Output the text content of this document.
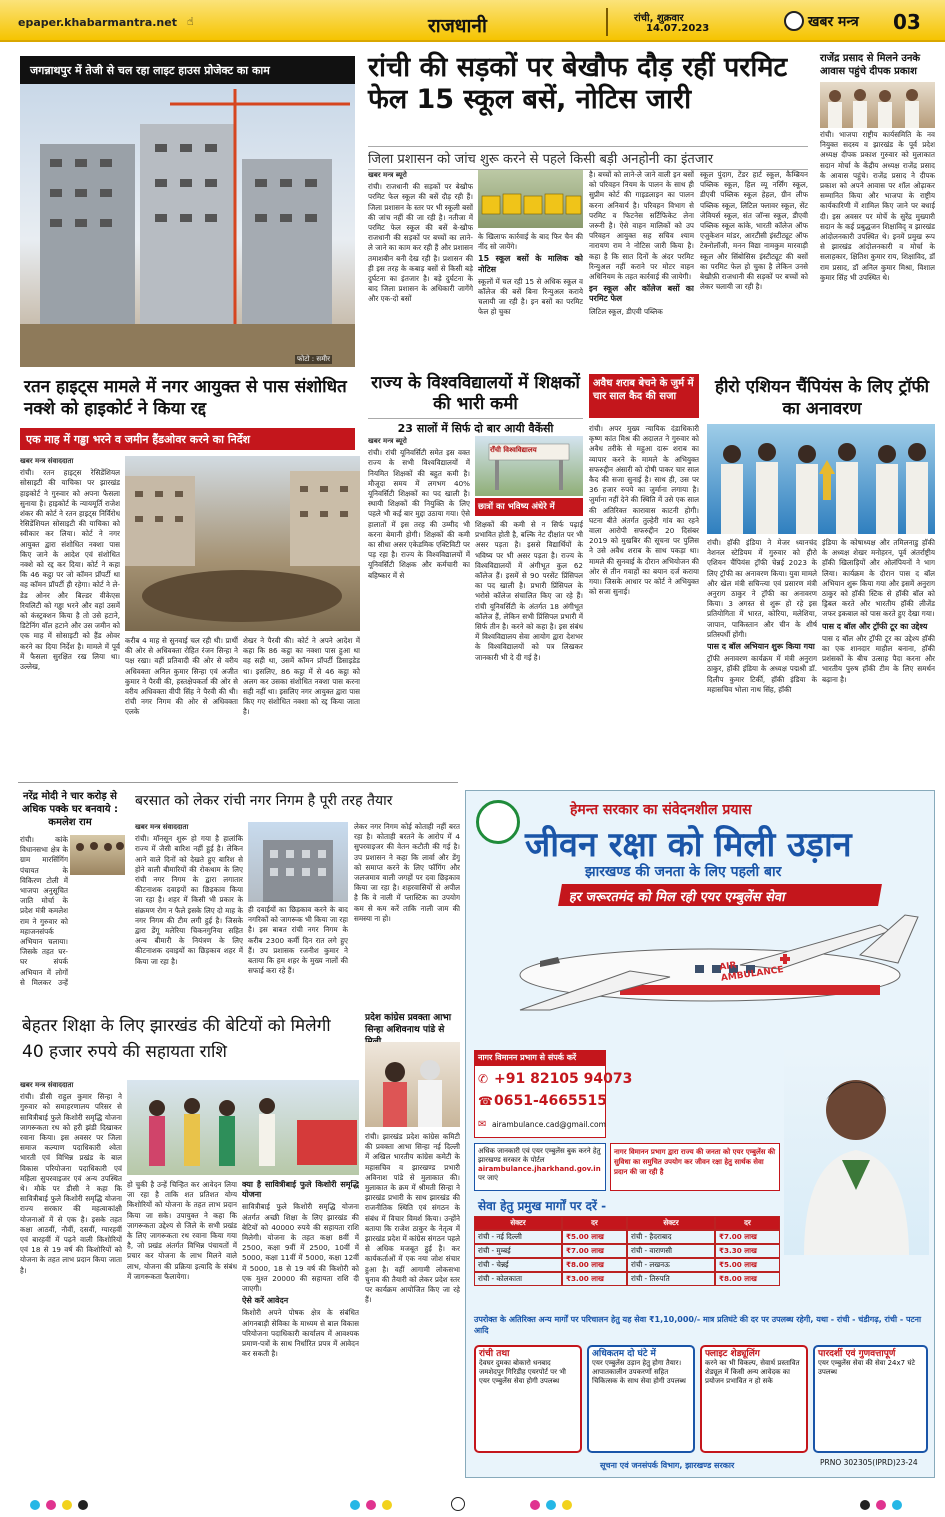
epaper.khabarmantra.net ☝	राजधानी	रांची, शुक्रवार
14.07.2023	खबर मन्त्र 03
जगन्नाथपुर में तेजी से चल रहा लाइट हाउस प्रोजेक्ट का काम
फोटो : समीर
रांची की सड़कों पर बेखौफ दौड़ रहीं परमिट फेल 15 स्कूल बसें, नोटिस जारी
जिला प्रशासन को जांच शुरू करने से पहले किसी बड़ी अनहोनी का इंतजार
खबर मन्त्र ब्यूरो
रांची। राजधानी की सड़कों पर बेखौफ परमिट फेल स्कूल की बसें दौड़ रही हैं। जिला प्रशासन के स्तर पर भी स्कूली बसों की जांच नहीं की जा रही है। नतीजा में परमिट फेल स्कूल की बसें बे-खौफ राजधानी की सड़कों पर बच्चों का लाने-ले जाने का काम कर रही हैं और प्रशासन तमाशबीन बनी देख रही है। प्रशासन की ही इस तरह के कबाड़ बसों से किसी बड़े दुर्घटना का इंतजार है। बड़े दुर्घटना के बाद जिला प्रशासन के अधिकारी जागेंगे और एक-दो बसों
के खिलाफ कार्रवाई के बाद फिर चैन की नींद सो जायेंगे।
15 स्कूल बसों के मालिक को नोटिस
स्कूलों में चल रही 15 से अधिक स्कूल व कॉलेज की बसें बिना रिन्युअल कराये चलायी जा रही है। इन बसों का परमिट फेल हो चुका
है। बच्चों को लाने-ले जाने वाली इन बसों को परिवहन नियम के पालन के साथ ही सुप्रीम कोर्ट की गाइडलाइन का पालन करना अनिवार्य है। परिवहन विभाग से परमिट व फिटनेस सर्टिफिकेट लेना जरूरी है। ऐसे वाहन मालिकों को उप परिवहन आयुक्त सह सचिव श्याम नारायण राम ने नोटिस जारी किया है। कहा है कि सात दिनों के अंदर परमिट रिन्युअल नहीं कराने पर मोटर वाहन अधिनियम के तहत कार्रवाई की जायेगी।
इन स्कूल और कॉलेज बसों का परमिट फेल
लिटिल स्कूल, डीएवी पब्लिक
स्कूल पुंदाग, टेंडर हार्ट स्कूल, कैम्ब्रियन पब्लिक स्कूल, हिल व्यू नर्सिंग स्कूल, डीएवी पब्लिक स्कूल हेहल, ग्रीन लीफ पब्लिक स्कूल, लिटिल फ्लावर स्कूल, सेंट जेवियर्स स्कूल, संत जॉन्स स्कूल, डीएवी पब्लिक स्कूल कांके, भारती कॉलेज ऑफ एजुकेशन मांडर, आरटीसी इंस्टीट्यूट ऑफ टेक्नोलॉजी, मनन विद्या नामकुम मारवाड़ी स्कूल और सिंबोसिस इंस्टीट्यूट की बसों का परमिट फेल हो चुका है लेकिन उनसे बेखौफ़ी राजधानी की सड़कों पर बच्चों को लेकर चलायी जा रही है।
राजेंद्र प्रसाद से मिलने उनके आवास पहुंचे दीपक प्रकाश
रांची। भाजपा राष्ट्रीय कार्यसमिति के नव नियुक्त सदस्य व झारखंड के पूर्व प्रदेश अध्यक्ष दीपक प्रकाश गुरुवार को मुलाकात सदान मोर्चा के केंद्रीय अध्यक्ष राजेंद्र प्रसाद के आवास पहुंचे। राजेंद्र प्रसाद ने दीपक प्रकाश को अपने आवास पर शॉल ओढ़ाकर सम्मानित किया और भाजपा के राष्ट्रीय कार्यकारिणी में शामिल किए जाने पर बधाई दी। इस अवसर पर मोर्चे के सुरेंद्र मुख्यारी सदान के कई प्रबुद्धजन शिक्षाविद् व झारखंड आंदोलनकारी उपस्थित थे। इनमें प्रमुख रूप से झारखंड आंदोलनकारी व मोर्चा के सलाहकार, क्षितिश कुमार राय, शिक्षाविद, डॉ राम प्रसाद, डॉ अनिल कुमार मिश्रा, विशाल कुमार सिंह भी उपस्थित थे।
रतन हाइट्स मामले में नगर आयुक्त से पास संशोधित नक्शे को हाइकोर्ट ने किया रद्द
एक माह में गड्ढा भरने व जमीन हैंडओवर करने का निर्देश
खबर मन्त्र संवाददाता
रांची। रतन हाइट्स रेसिडेंशियल सोसाइटी की याचिका पर झारखंड हाइकोर्ट ने गुरुवार को अपना फैसला सुनाया है। हाइकोर्ट के न्यायमूर्ति राजेश शंकर की कोर्ट ने रतन हाइट्स निर्विरोध रेसिडेंशियल सोसाइटी की याचिका को स्वीकार कर लिया। कोर्ट ने नगर आयुक्त द्वारा संशोधित नक्शा पास किए जाने के आदेश एवं संशोधित नक्शे को रद्द कर दिया। कोर्ट ने कहा कि 46 कट्ठा पर जो कॉमन प्रॉपर्टी था वह कॉमन प्रॉपर्टी ही रहेगा। कोर्ट ने ले-डेड ओनर और बिल्डर वीकेएस रियलिटी को गड्ढा भरने और वहां उसमें को कंस्ट्रक्शन किया है तो उसे हटाने, डिटेनिंग वॉल हटाने और उस जमीन को एक माह में सोसाइटी को हैंड ओवर करने का दिया निर्देश है। मामले में पूर्व में फैसला सुरक्षित रख लिया था। उल्लेख,
करीब 4 माह से सुनवाई चल रही थी। प्रार्थी की ओर से अधिवक्ता रोहित रंजन सिन्हा ने पक्ष रखा। वहीं प्रतिवादी की ओर से वरीय अधिवक्ता अनिल कुमार सिन्हा एवं अजीत कुमार ने पैरवी की, हस्तक्षेपकर्ता की ओर से वरीय अधिवक्ता वीपी सिंह ने पैरवी की थी। रांची नगर निगम की ओर से अधिवक्ता एलके
शेखर ने पैरवी की। कोर्ट ने अपने आदेश में कहा कि 86 कट्ठा का नक्शा पास हुआ था वह सही था, उसमें कॉमन प्रॉपर्टी डिसाइडेड था। इसलिए, 86 कट्ठा में से 46 कट्ठा को अलग कर उसका संशोधित नक्शा पास करना सही नहीं था। इसलिए नगर आयुक्त द्वारा पास किए गए संशोधित नक्शा को रद्द किया जाता है।
राज्य के विश्वविद्यालयों में शिक्षकों की भारी कमी
23 सालों में सिर्फ दो बार आयी वैकेंसी
खबर मन्त्र ब्यूरो
रांची। रांची यूनिवर्सिटी समेत इस वक्त राज्य के सभी विश्वविद्यालयों में नियमित शिक्षकों की बहुत कमी है। मौजूदा समय में लगभग 40% यूनिवर्सिटी शिक्षकों का पद खाली है। स्थायी शिक्षकों की नियुक्ति के लिए पहले भी कई बार मुद्दा उठाया गया। ऐसे हालातों में इस तरह की उम्मीद भी करना बेमानी होगी। शिक्षकों की कमी का सीधा असर एकेडमिक एक्टिविटी पर पड़ रहा है। राज्य के विश्वविद्यालयों में यूनिवर्सिटी शिक्षक और कर्मचारी का बहिष्कार में से
राँची विश्वविद्यालय
छात्रों का भविष्य अंधेरे में
शिक्षकों की कमी से न सिर्फ पढ़ाई प्रभावित होती है, बल्कि नेट दीक्षांत पर भी असर पड़ता है। इससे विद्यार्थियों के भविष्य पर भी असर पड़ता है। राज्य के विश्वविद्यालयों में अंगीभूत कुल 62 कॉलेज हैं। इसमें से 90 परसेंट प्रिंसिपल का पद खाली है। प्रभारी प्रिंसिपल के भरोसे कॉलेज संचालित किए जा रहे हैं। रांची यूनिवर्सिटी के अंतर्गत 18 अंगीभूत कॉलेज हैं, लेकिन सभी प्रिंसिपल प्रभारी में सिर्फ तीन है। करने को कहा है। इस संबंध में विश्वविद्यालय सेवा आयोग द्वारा देशभर के विश्वविद्यालयों को पत्र लिखकर जानकारी भी दे दी गई है।
अवैध शराब बेचने के जुर्म में चार साल कैद की सजा
रांची। अपर मुख्य न्यायिक दंडाधिकारी कृष्ण कांत मिश्र की अदालत ने गुरुवार को अवैध तरीके से महुआ दारू शराब का व्यापार करने के मामले के अभियुक्त सफरुद्दीन अंसारी को दोषी पाकर चार साल कैद की सजा सुनाई है। साथ ही, उस पर 36 हजार रुपये का जुर्माना लगाया है। जुर्माना नहीं देने की स्थिति में उसे एक साल की अतिरिक्त कारावास काटनी होगी। घटना बीते अंतर्गत तुल्हेरी गांव का रहने वाला आरोपी सफरुद्दीन 20 दिसंबर 2019 को मुखबिर की सूचना पर पुलिस ने उसे अवैध शराब के साथ पकड़ा था। मामले की सुनवाई के दौरान अभियोजन की ओर से तीन गवाहों का बयान दर्ज कराया गया। जिसके आधार पर कोर्ट ने अभियुक्त को सजा सुनाई।
हीरो एशियन चैंपियंस के लिए ट्रॉफी का अनावरण
रांची। हॉकी इंडिया ने मेजर ध्यानचंद नेशनल स्टेडियम में गुरुवार को हीरो एशियन चैंपियंस ट्रॉफी चेन्नई 2023 के लिए ट्रॉफी का अनावरण किया। युवा मामले और खेल मंत्री सचिन्त्या एवं प्रसारण मंत्री अनुराग ठाकुर ने ट्रॉफी का अनावरण किया। 3 अगस्त से शुरू हो रहे इस प्रतियोगिता में भारत, कोरिया, मलेशिया, जापान, पाकिस्तान और चीन के शीर्ष प्रतिस्पर्धी होंगी।
पास द बॉल अभियान शुरू किया गया
ट्रॉफी अनावरण कार्यक्रम में मंत्री अनुराग ठाकुर, हॉकी इंडिया के अध्यक्ष पद्मश्री डॉ. दिलीप कुमार टिर्की, हॉकी इंडिया के महासचिव भोला नाथ सिंह, हॉकी
इंडिया के कोषाध्यक्ष और तमिलनाडु हॉकी के अध्यक्ष शेखर मनोहरन, पूर्व अंतर्राष्ट्रीय हॉकी खिलाड़ियों और ओलंपियनों ने भाग लिया। कार्यक्रम के दौरान पास द बॉल अभियान शुरू किया गया और इसमें अनुराग ठाकुर को हॉकी स्टिक से हॉकी बॉल को ड्रिबल करते और भारतीय हॉकी लीजेंड जफर इकबाल को पास करते हुए देखा गया।
पास द बॉल और ट्रॉफी टूर का उद्देश्य
पास द बॉल और ट्रॉफी टूर का उद्देश्य हॉकी का एक शानदार माहौल बनाना, हॉकी प्रशंसकों के बीच उत्साह पैदा करना और भारतीय पुरुष हॉकी टीम के लिए समर्थन बढ़ाना है।
नरेंद्र मोदी ने चार करोड़ से अधिक पक्के घर बनवाये : कमलेश राम
रांची। कांके विधानसभा क्षेत्र के ग्राम मारसिंगिंग पंचायत के विकिरण टोली में भाजपा अनुसूचित जाति मोर्चा के प्रदेश मंत्री कमलेश राम ने गुरुवार को महाजनसंपर्क अभियान चलाया। जिसके तहत घर-घर संपर्क अभियान में लोगों से मिलकर उन्हें
बरसात को लेकर रांची नगर निगम है पूरी तरह तैयार
खबर मन्त्र संवाददाता
रांची। मॉनसून शुरू हो गया है हालांकि राज्य में जैसी बारिश नहीं हुई है। लेकिन आने वाले दिनों को देखते हुए बारिश से होने वाली बीमारियों की रोकथाम के लिए रांची नगर निगम के द्वारा लगातार कीटनाशक दवाइयों का छिड़काव किया जा रहा है। शहर में किसी भी प्रकार के संक्रमण रोग न फैले इसके लिए दो माह के नगर निगम की टीम लगी हुई है। जिसके द्वारा डेंगू मलेरिया चिकनगुनिया सहित अन्य बीमारी के नियंत्रण के लिए कीटनाशक दवाइयों का छिड़काव शहर में किया जा रहा है।
ही दवाईयों का छिड़काव करने के बाद नगरिकों को जागरूक भी किया जा रहा है। इस बाबत रांची नगर निगम के करीब 2300 कर्मी दिन रात लगे हुए हैं। उप प्रशासक रजनीश कुमार ने बताया कि हम शहर के मुख्य नालों की सफाई करा रहे हैं।
लेकर नगर निगम कोई कोताही नहीं बरत रहा है। कोताही बरतने के आरोप में 4 सुपरवाइजर की वेतन कटौती की गई है। उप प्रशासन ने कहा कि लार्वा और डेंगू को समाप्त करने के लिए फॉगिंग और जलजमाव वाली जगहों पर दवा छिड़काव किया जा रहा है। शहरवासियों से अपील है कि वे नाली में प्लास्टिक का उपयोग कम से कम करें ताकि नाली जाम की समस्या ना हो।
बेहतर शिक्षा के लिए झारखंड की बेटियों को मिलेगी 40 हजार रुपये की सहायता राशि
खबर मन्त्र संवाददाता
रांची। डीसी राहुल कुमार सिन्हा ने गुरुवार को समाहरणालय परिसर से सावित्रीबाई फुले किशोरी समृद्धि योजना जागरूकता रथ को हरी झंडी दिखाकर रवाना किया। इस अवसर पर जिला समाज कल्याण पदाधिकारी श्वेता भारती एवं विभिन्न प्रखंड के बाल विकास परियोजना पदाधिकारी एवं महिला सुपरवाइजर एवं अन्य उपस्थित थे। मौके पर डीसी ने कहा कि सावित्रीबाई फुले किशोरी समृद्धि योजना राज्य सरकार की महत्वाकांक्षी योजनाओं में से एक है। इसके तहत कक्षा आठवीं, नौवीं, दसवीं, ग्यारहवीं एवं बारहवीं में पढ़ने वाली किशोरियों एवं 18 से 19 वर्ष की किशोरियों को योजना के तहत लाभ प्रदान किया जाता है।
हो चुकी है उन्हें चिन्हित कर आवेदन लिया जा रहा है ताकि शत प्रतिशत योग्य किशोरियों को योजना के तहत लाभ प्रदान किया जा सके। उपायुक्त ने कहा कि जागरूकता उद्देश्य से जिले के सभी प्रखंड के लिए जागरूकता रथ रवाना किया गया है, जो प्रखंड अंतर्गत विभिन्न पंचायतों में प्रचार कर योजना के लाभ मिलने वाले लाभ, योजना की प्रक्रिया इत्यादि के संबंध में जागरूकता फैलायेगा।
क्या है सावित्रीबाई फुले किशोरी समृद्धि योजना
सावित्रीबाई फुले किशोरी समृद्धि योजना अंतर्गत अच्छी शिक्षा के लिए झारखंड की बेटियों को 40000 रुपये की सहायता राशि मिलेगी। योजना के तहत कक्षा 8वीं में 2500, कक्षा 9वीं में 2500, 10वीं में 5000, कक्षा 11वीं में 5000, कक्षा 12वीं में 5000, 18 से 19 वर्ष की किशोरी को एक मुश्त 20000 की सहायता राशि दी जाएगी।
ऐसे करें आवेदन
किशोरी अपने पोषक क्षेत्र के संबंधित आंगनबाड़ी सेविका के माध्यम से बाल विकास परियोजना पदाधिकारी कार्यालय में आवश्यक प्रमाण-पत्रों के साथ निर्धारित प्रपत्र में आवेदन कर सकती है।
प्रदेश कांग्रेस प्रवक्ता आभा सिन्हा अशिवनाथ पांडे से
रांची। झारखंड प्रदेश कांग्रेस कमिटी की प्रवक्ता आभा सिन्हा नई दिल्ली में अखिल भारतीय कांग्रेस कमेटी के महासचिव व झारखण्ड प्रभारी अविनाश पांडे से मुलाकात की। मुलाकात के क्रम में श्रीमती सिन्हा ने झारखंड प्रभारी के साथ झारखंड की राजनीतिक स्थिति एवं संगठन के संबंध में विचार विमर्श किया। उन्होंने बताया कि राजेश ठाकुर के नेतृत्व में झारखंड प्रदेश में कांग्रेस संगठन पहले से अधिक मजबूत हुई है। कर कार्यकर्ताओं में एक नया जोश संचार हुआ है। वहीं आगामी लोकसभा चुनाव की तैयारी को लेकर प्रदेश स्तर पर कार्यक्रम आयोजित किए जा रहे हैं।
हेमन्त सरकार का संवेदनशील प्रयास
जीवन रक्षा को मिली उड़ान
झारखण्ड की जनता के लिए पहली बार
हर जरूरतमंद को मिल रही एयर एम्बुलेंस सेवा
AIR AMBULANCE
नागर विमानन प्रभाग से संपर्क करें
✆ +91 82105 94073
☎ 0651-4665515
✉ airambulance.cad@gmail.com
अधिक जानकारी एवं एयर एम्बुलेंस बुक करने हेतु झारखण्ड सरकार के पोर्टल
airambulance.jharkhand.gov.in
पर जाएं
नागर विमानन प्रभाग द्वारा राज्य की जनता को एयर एम्बुलेंस की सुविधा का समुचित उपयोग कर जीवन रक्षा हेतु सार्थक सेवा प्रदान की जा रही है
सेवा हेतु प्रमुख मार्गों पर दरें -
सेक्टर	दर	सेक्टर	दर
रांची - नई दिल्ली	₹5.00 लाख	रांची - हैदराबाद	₹7.00 लाख
रांची - मुम्बई	₹7.00 लाख	रांची - वाराणसी	₹3.30 लाख
रांची - चेन्नई	₹8.00 लाख	रांची - लखनऊ	₹5.00 लाख
रांची - कोलकाता	₹3.00 लाख	रांची - तिरुपति	₹8.00 लाख
उपरोक्त के अतिरिक्त अन्य मार्गों पर परिचालन हेतु यह सेवा ₹1,10,000/- मात्र प्रतिघंटे की दर पर उपलब्ध रहेगी, यथा - रांची - चंडीगढ़, रांची - पटना आदि
रांची तथा
देवघर दुमका बोकारो धनबाद जमशेदपुर गिरिडीह एयरपोर्ट पर भी एयर एम्बुलेंस सेवा होगी उपलब्ध
अधिकतम दो घंटे में
एयर एम्बुलेंस उड़ान हेतु होगा तैयार। आपातकालीन उपकरणों सहित चिकित्सक के साथ सेवा होगी उपलब्ध
फ्लाइट शेड्यूलिंग
करने का भी विकल्प, सेवार्थ प्रस्तावित शेड्यूल में किसी अन्य आवेदक का प्रयोजन प्रभावित न हो सके
पारदर्शी एवं गुणवत्तापूर्ण
एयर एम्बुलेंस सेवा की सेवा 24x7 घंटे उपलब्ध
सूचना एवं जनसंपर्क विभाग, झारखण्ड सरकार	PRNO 302305(IPRD)23-24
